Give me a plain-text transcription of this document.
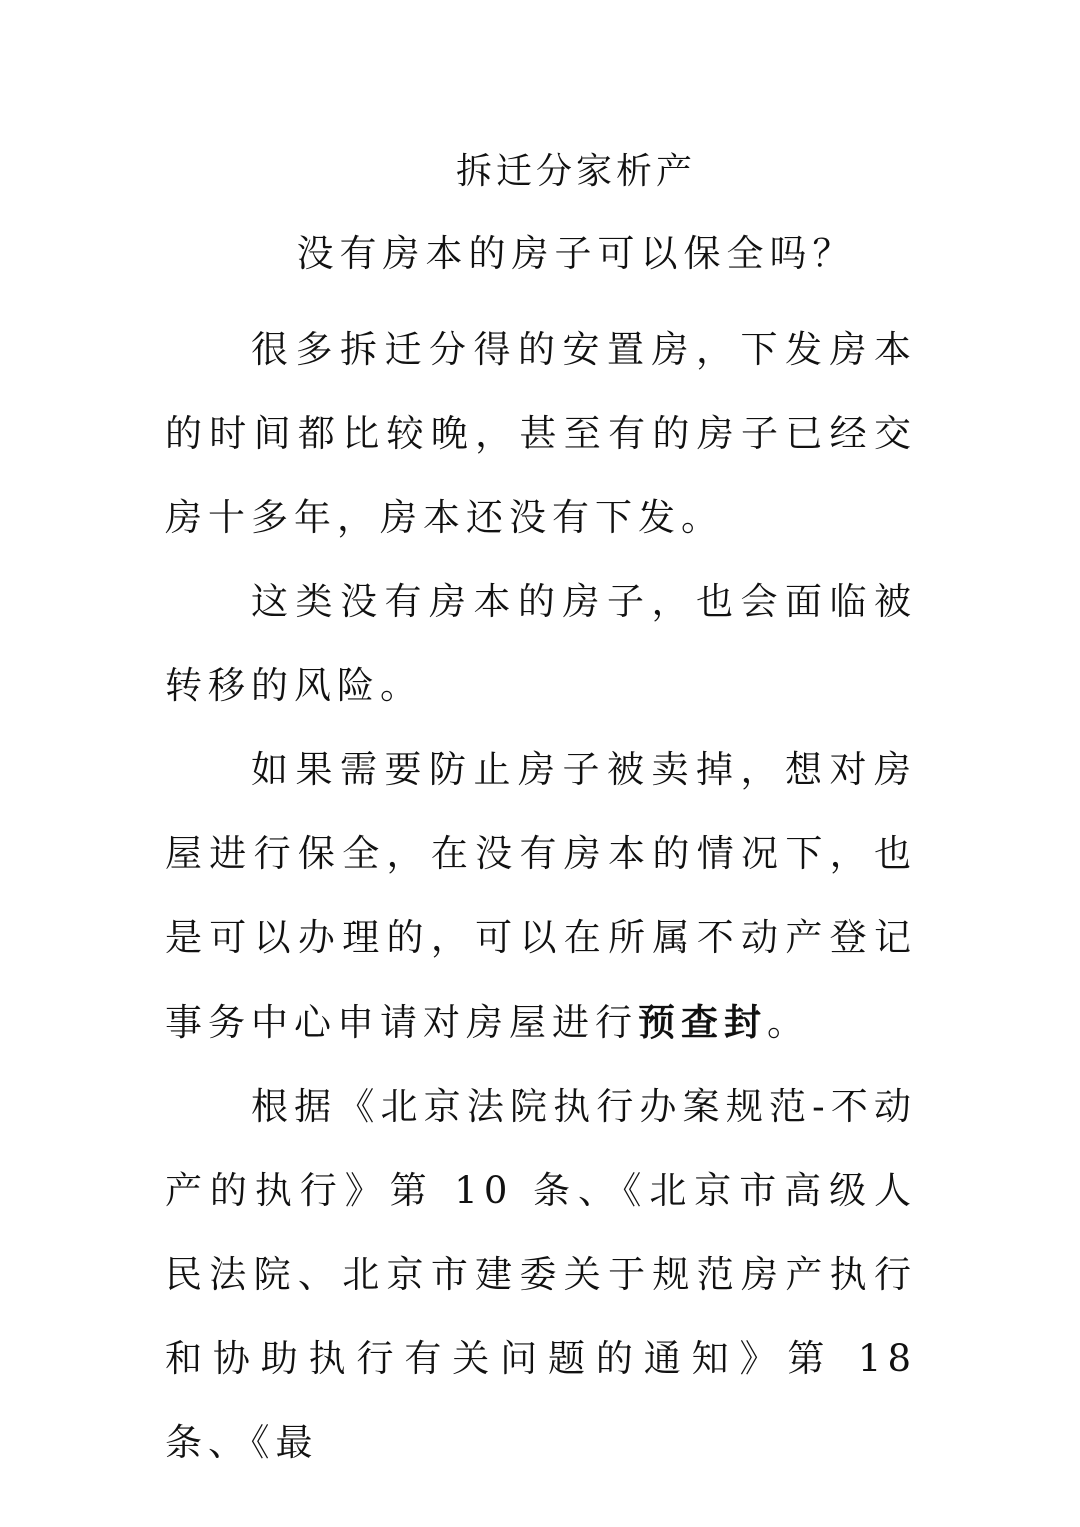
拆迁分家析产
没有房本的房子可以保全吗？

很多拆迁分得的安置房，下发房本的时间都比较晚，甚至有的房子已经交房十多年，房本还没有下发。

这类没有房本的房子，也会面临被转移的风险。

如果需要防止房子被卖掉，想对房屋进行保全，在没有房本的情况下，也是可以办理的，可以在所属不动产登记事务中心申请对房屋进行预查封。

根据《北京法院执行办案规范-不动产的执行》第 10 条、《北京市高级人民法院、北京市建委关于规范房产执行和协助执行有关问题的通知》第 18 条、《最
